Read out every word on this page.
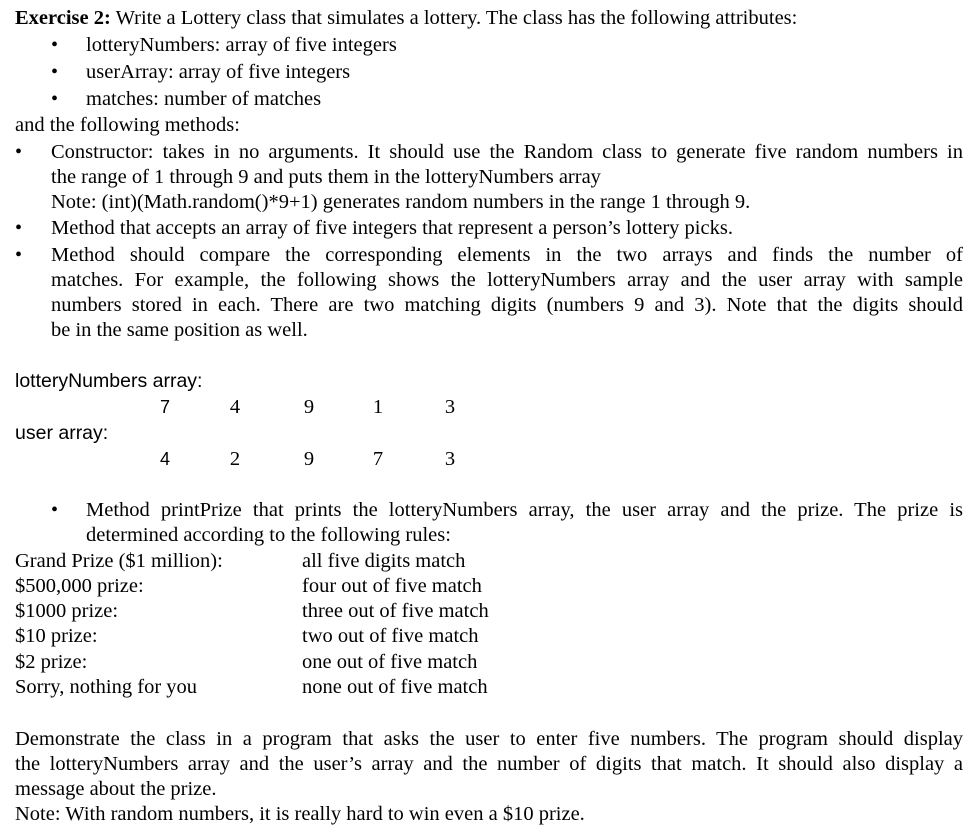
Exercise 2: Write a Lottery class that simulates a lottery. The class has the following attributes:
• lotteryNumbers: array of five integers
• userArray: array of five integers
• matches: number of matches
and the following methods:
• Constructor: takes in no arguments. It should use the Random class to generate five random numbers in
the range of 1 through 9 and puts them in the lotteryNumbers array
Note: (int)(Math.random()*9+1) generates random numbers in the range 1 through 9.
• Method that accepts an array of five integers that represent a person’s lottery picks.
• Method should compare the corresponding elements in the two arrays and finds the number of
matches. For example, the following shows the lotteryNumbers array and the user array with sample
numbers stored in each. There are two matching digits (numbers 9 and 3). Note that the digits should
be in the same position as well.
lotteryNumbers array:
7	4	9	1	3
user array:
4	2	9	7	3
• Method printPrize that prints the lotteryNumbers array, the user array and the prize. The prize is
determined according to the following rules:
Grand Prize ($1 million):	all five digits match
$500,000 prize:	four out of five match
$1000 prize:	three out of five match
$10 prize:	two out of five match
$2 prize:	one out of five match
Sorry, nothing for you	none out of five match
Demonstrate the class in a program that asks the user to enter five numbers. The program should display
the lotteryNumbers array and the user’s array and the number of digits that match. It should also display a
message about the prize.
Note: With random numbers, it is really hard to win even a $10 prize.
